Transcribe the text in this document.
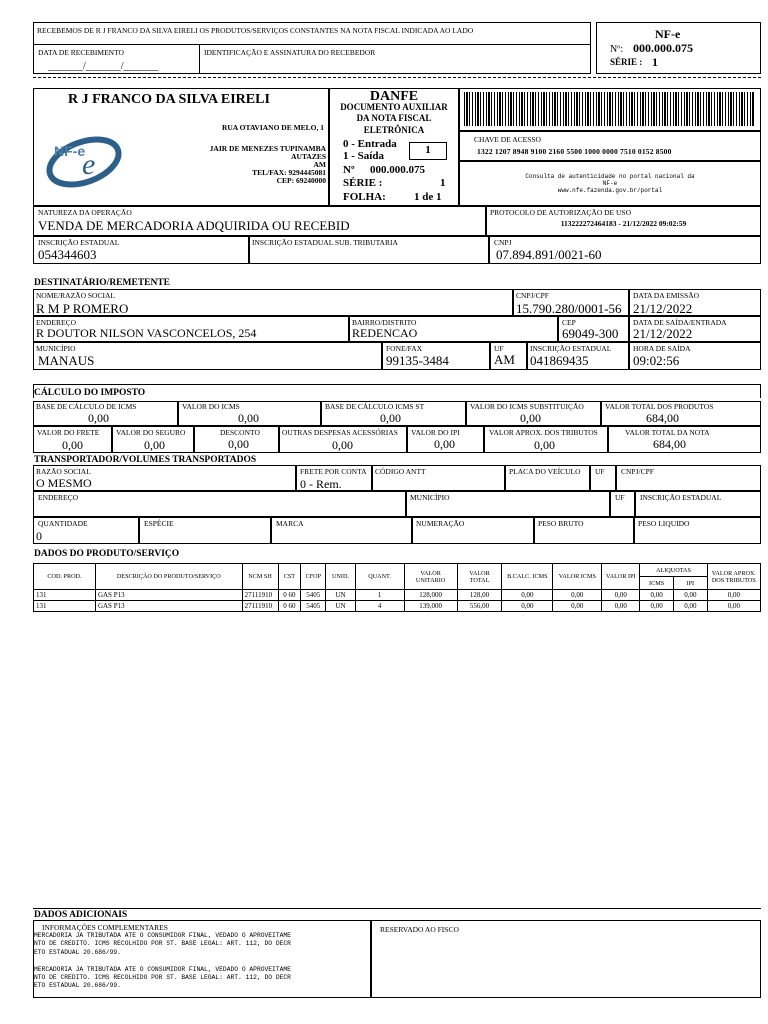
RECEBEMOS DE R J FRANCO DA SILVA EIRELI OS PRODUTOS/SERVIÇOS CONSTANTES NA NOTA FISCAL INDICADA AO LADO
DATA DE RECEBIMENTO
_______/_______/_______
IDENTIFICAÇÃO E ASSINATURA DO RECEBEDOR
NF-e
Nº: 000.000.075
SÉRIE : 1
R J FRANCO DA SILVA EIRELI
NF-e
e
RUA OTAVIANO DE MELO, 1
JAIR DE MENEZES TUPINAMBA
AUTAZES
AM
TEL/FAX: 9294445081
CEP: 69240000
DANFE
DOCUMENTO AUXILIAR
DA NOTA FISCAL
ELETRÔNICA
0 - Entrada
1 - Saída	1
Nº 000.000.075
SÉRIE :	1
FOLHA:	1 de 1
CHAVE DE ACESSO
1322 1207 8948 9100 2160 5500 1000 0000 7510 0152 8500
Consulta de autenticidade no portal nacional da
NF-e
www.nfe.fazenda.gov.br/portal
NATUREZA DA OPERAÇÃO
VENDA DE MERCADORIA ADQUIRIDA OU RECEBID
PROTOCOLO DE AUTORIZAÇÃO DE USO
113222272464183 - 21/12/2022 09:02:59
INSCRIÇÃO ESTADUAL
054344603
INSCRIÇÃO ESTADUAL SUB. TRIBUTARIA	CNPJ
07.894.891/0021-60
DESTINATÁRIO/REMETENTE
NOME/RAZÃO SOCIAL
R M P ROMERO
CNPJ/CPF
15.790.280/0001-56
DATA DA EMISSÃO
21/12/2022
ENDEREÇO
R DOUTOR NILSON VASCONCELOS, 254
BAIRRO/DISTRITO
REDENCAO
CEP
69049-300
DATA DE SAÍDA/ENTRADA
21/12/2022
MUNICÍPIO
MANAUS
FONE/FAX
99135-3484
UF
AM
INSCRIÇÃO ESTADUAL
041869435
HORA DE SAÍDA
09:02:56
CÁLCULO DO IMPOSTO
BASE DE CÁLCULO DE ICMS
0,00
VALOR DO ICMS
0,00
BASE DE CÁLCULO ICMS ST
0,00
VALOR DO ICMS SUBSTITUIÇÃO
0,00
VALOR TOTAL DOS PRODUTOS
684,00
VALOR DO FRETE
0,00
VALOR DO SEGURO
0,00
DESCONTO
0,00
OUTRAS DESPESAS ACESSÓRIAS
0,00
VALOR DO IPI
0,00
VALOR APROX. DOS TRIBUTOS
0,00
VALOR TOTAL DA NOTA
684,00
TRANSPORTADOR/VOLUMES TRANSPORTADOS
RAZÃO SOCIAL
O MESMO
FRETE POR CONTA
0 - Rem.
CÓDIGO ANTT	PLACA DO VEÍCULO UF CNPJ/CPF
ENDEREÇO	MUNICÍPIO	UF INSCRIÇÃO ESTADUAL
QUANTIDADE
0
ESPÉCIE	MARCA	NUMERAÇÃO	PESO BRUTO	PESO LIQUIDO
DADOS DO PRODUTO/SERVIÇO
COD. PROD.	DESCRIÇÃO DO PRODUTO/SERVIÇO	NCM SH	CST	CFOP	UNID.	QUANT.	VALOR UNITARIO	VALOR TOTAL	B.CALC. ICMS	VALOR ICMS	VALOR IPI	ALIQUOTAS		VALOR APROX. DOS TRIBUTOS
												ICMS	IPI	
131	GAS P13	27111910	0 60	5405	UN	1	128,000	128,00	0,00	0,00	0,00	0,00	0,00	0,00
131	GAS P13	27111910	0 60	5405	UN	4	139,000	556,00	0,00	0,00	0,00	0,00	0,00	0,00
DADOS ADICIONAIS
INFORMAÇÕES COMPLEMENTARES
MERCADORIA JA TRIBUTADA ATE O CONSUMIDOR FINAL, VEDADO O APROVEITAME
NTO DE CREDITO. ICMS RECOLHIDO POR ST. BASE LEGAL: ART. 112, DO DECR
ETO ESTADUAL 20.686/99.
MERCADORIA JA TRIBUTADA ATE O CONSUMIDOR FINAL, VEDADO O APROVEITAME
NTO DE CREDITO. ICMS RECOLHIDO POR ST. BASE LEGAL: ART. 112, DO DECR
ETO ESTADUAL 20.686/99.
RESERVADO AO FISCO
